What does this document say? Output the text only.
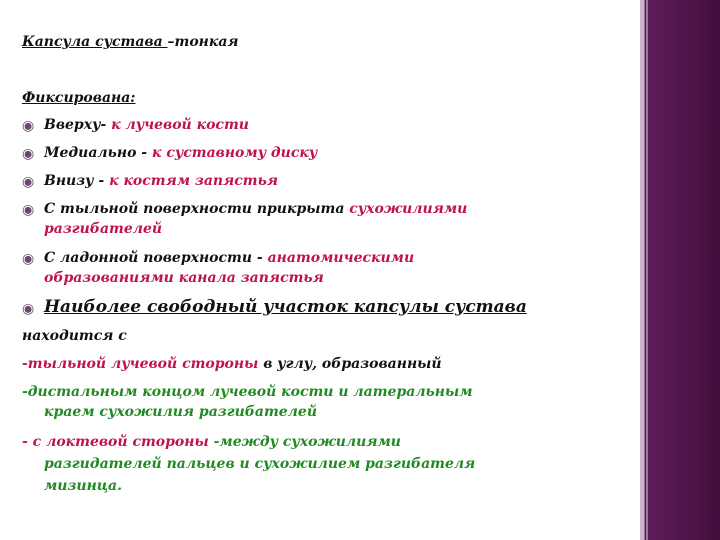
Капсула сустава –тонкая
Фиксирована:
◉ Вверху- к лучевой кости
◉ Медиально - к суставному диску
◉ Внизу - к костям запястья
◉ С тыльной поверхности прикрыта сухожилиями
разгибателей
◉ С ладонной поверхности - анатомическими
образованиями канала запястья
◉ Наиболее свободный участок капсулы сустава
находится с
-тыльной лучевой стороны в углу, образованный
-дистальным концом лучевой кости и латеральным
краем сухожилия разгибателей
- с локтевой стороны -между сухожилиями
разгидателей пальцев и сухожилием разгибателя
мизинца.
